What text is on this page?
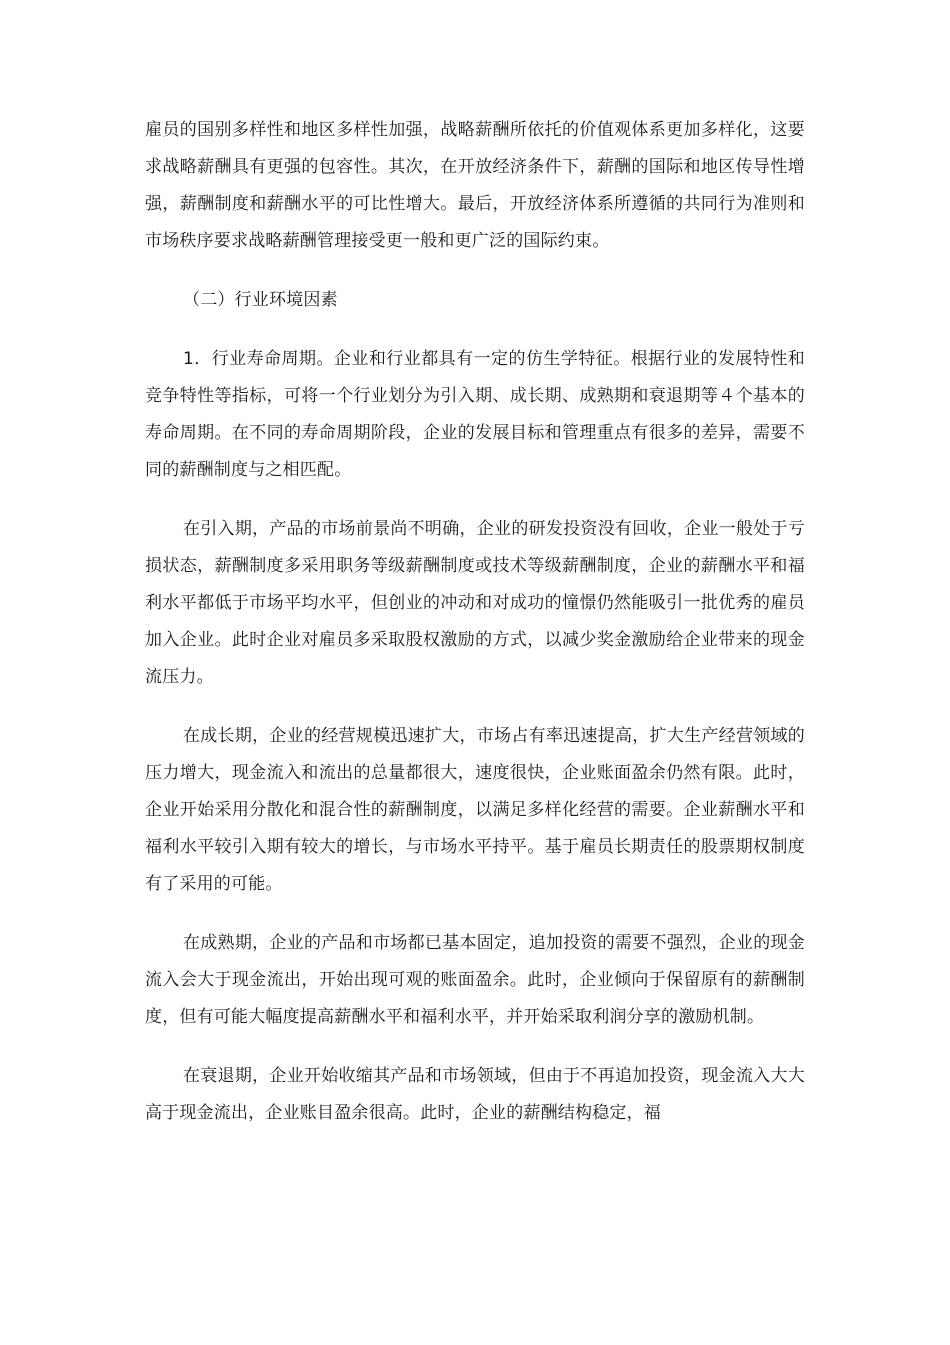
雇员的国别多样性和地区多样性加强，战略薪酬所依托的价值观体系更加多样化，这要求战略薪酬具有更强的包容性。其次，在开放经济条件下，薪酬的国际和地区传导性增强，薪酬制度和薪酬水平的可比性增大。最后，开放经济体系所遵循的共同行为准则和市场秩序要求战略薪酬管理接受更一般和更广泛的国际约束。

（二）行业环境因素

1．行业寿命周期。企业和行业都具有一定的仿生学特征。根据行业的发展特性和竞争特性等指标，可将一个行业划分为引入期、成长期、成熟期和衰退期等４个基本的寿命周期。在不同的寿命周期阶段，企业的发展目标和管理重点有很多的差异，需要不同的薪酬制度与之相匹配。

在引入期，产品的市场前景尚不明确，企业的研发投资没有回收，企业一般处于亏损状态，薪酬制度多采用职务等级薪酬制度或技术等级薪酬制度，企业的薪酬水平和福利水平都低于市场平均水平，但创业的冲动和对成功的憧憬仍然能吸引一批优秀的雇员加入企业。此时企业对雇员多采取股权激励的方式，以减少奖金激励给企业带来的现金流压力。

在成长期，企业的经营规模迅速扩大，市场占有率迅速提高，扩大生产经营领域的压力增大，现金流入和流出的总量都很大，速度很快，企业账面盈余仍然有限。此时，企业开始采用分散化和混合性的薪酬制度，以满足多样化经营的需要。企业薪酬水平和福利水平较引入期有较大的增长，与市场水平持平。基于雇员长期责任的股票期权制度有了采用的可能。

在成熟期，企业的产品和市场都已基本固定，追加投资的需要不强烈，企业的现金流入会大于现金流出，开始出现可观的账面盈余。此时，企业倾向于保留原有的薪酬制度，但有可能大幅度提高薪酬水平和福利水平，并开始采取利润分享的激励机制。

在衰退期，企业开始收缩其产品和市场领域，但由于不再追加投资，现金流入大大高于现金流出，企业账目盈余很高。此时，企业的薪酬结构稳定，福
